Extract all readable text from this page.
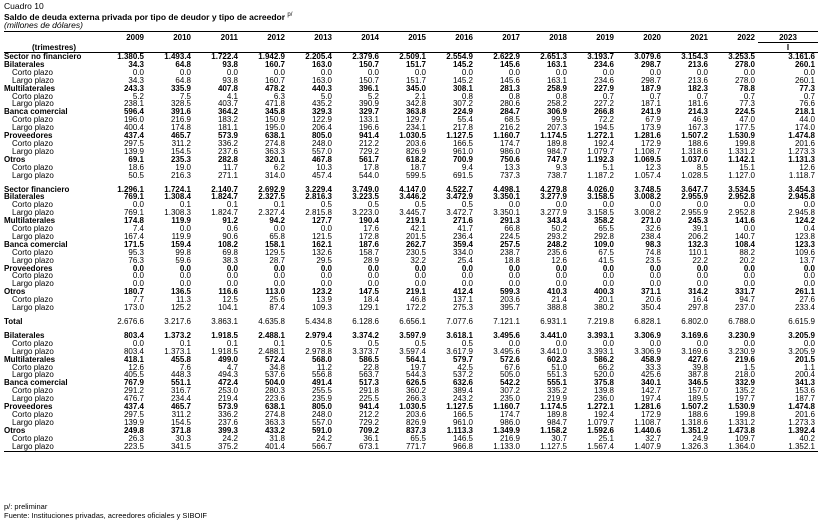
Cuadro 10
Saldo de deuda externa privada por tipo de deudor y tipo de acreedor $^{p/}$
(millones de dólares)
	2009	2010	2011	2012	2013	2014	2015	2016	2017	2018	2019	2020	2021	2022	2023
(trimestres)															I
Sector no financiero	1.380.5	1.493.4	1.722.4	1.942.9	2.205.4	2.379.6	2.509.1	2.554.9	2.622.9	2.651.3	3.193.7	3.079.6	3.154.3	3.253.5	3.161.6
Bilaterales	34.3	64.8	93.8	160.7	163.0	150.7	151.7	145.2	145.6	163.1	234.6	298.7	213.6	278.0	260.1
Corto plazo	0.0	0.0	0.0	0.0	0.0	0.0	0.0	0.0	0.0	0.0	0.0	0.0	0.0	0.0	0.0
Largo plazo	34.3	64.8	93.8	160.7	163.0	150.7	151.7	145.2	145.6	163.1	234.6	298.7	213.6	278.0	260.1
Multilaterales	243.3	335.9	407.8	478.2	440.3	396.1	345.0	308.1	281.3	258.9	227.9	187.9	182.3	78.8	77.3
Corto plazo	5.2	7.5	4.1	6.3	5.0	5.2	2.1	0.8	0.8	0.8	0.7	0.7	0.7	0.7	0.7
Largo plazo	238.1	328.5	403.7	471.8	435.2	390.9	342.8	307.2	280.6	258.2	227.2	187.1	181.6	77.3	76.6
Banca comercial	596.4	391.6	364.2	345.8	329.3	329.7	363.8	224.9	284.7	306.9	266.8	241.9	214.3	224.5	218.1
Corto plazo	196.0	216.9	183.2	150.9	122.9	133.1	129.7	55.4	68.5	99.5	72.2	67.9	46.9	47.0	44.0
Largo plazo	400.4	174.8	181.1	195.0	206.4	196.6	234.1	217.8	216.2	207.3	194.5	173.9	167.3	177.5	174.0
Proveedores	437.4	465.7	573.9	638.1	805.0	941.4	1.030.5	1.127.5	1.160.7	1.174.5	1.272.1	1.281.6	1.507.2	1.530.9	1.474.8
Corto plazo	297.5	311.2	336.2	274.8	248.0	212.2	203.6	166.5	174.7	189.8	192.4	172.9	188.6	199.8	201.6
Largo plazo	139.9	154.5	237.6	363.3	557.0	729.2	826.9	961.0	986.0	984.7	1.079.7	1.108.7	1.318.6	1.331.2	1.273.3
Otros	69.1	235.3	282.8	320.1	467.8	561.7	618.2	700.9	750.6	747.9	1.192.3	1.069.5	1.037.0	1.142.1	1.131.3
Corto plazo	18.6	19.0	11.7	6.2	10.3	17.8	18.7	9.4	13.3	9.3	5.1	12.3	8.5	15.1	12.6
Largo plazo	50.5	216.3	271.1	314.0	457.4	544.0	599.5	691.5	737.3	738.7	1.187.2	1.057.4	1.028.5	1.127.0	1.118.7

Sector financiero	1.296.1	1.724.1	2.140.7	2.692.9	3.229.4	3.749.0	4.147.0	4.522.7	4.498.1	4.279.8	4.026.0	3.748.5	3.647.7	3.534.5	3.454.3
Bilaterales	769.1	1.308.4	1.824.7	2.327.5	2.816.3	3.223.5	3.446.2	3.472.9	3.350.1	3.277.9	3.158.5	3.008.2	2.955.9	2.952.8	2.945.8
Corto plazo	0.0	0.1	0.1	0.1	0.5	0.5	0.5	0.5	0.0	0.0	0.0	0.0	0.0	0.0	0.0
Largo plazo	769.1	1.308.3	1.824.7	2.327.4	2.815.8	3.223.0	3.445.7	3.472.7	3.350.1	3.277.9	3.158.5	3.008.2	2.955.9	2.952.8	2.945.8
Multilaterales	174.8	119.9	91.2	94.2	127.7	190.4	219.1	271.6	291.3	343.4	358.2	271.0	245.3	141.6	124.2
Corto plazo	7.4	0.0	0.6	0.0	0.0	17.6	42.1	41.7	66.8	50.2	65.5	32.6	39.1	0.0	0.4
Largo plazo	167.4	119.9	90.6	65.8	121.5	172.8	201.5	236.4	224.5	293.2	292.8	238.4	206.2	140.7	123.8
Banca comercial	171.5	159.4	108.2	158.1	162.1	187.6	262.7	359.4	257.5	248.2	109.0	98.3	132.3	108.4	123.3
Corto plazo	95.3	99.8	69.8	129.5	132.6	158.7	230.5	334.0	238.7	235.6	67.5	74.8	110.1	88.2	109.6
Largo plazo	76.3	59.6	38.3	28.7	29.5	28.9	32.2	25.4	18.8	12.6	41.5	23.5	22.2	20.2	13.7
Proveedores	0.0	0.0	0.0	0.0	0.0	0.0	0.0	0.0	0.0	0.0	0.0	0.0	0.0	0.0	0.0
Corto plazo	0.0	0.0	0.0	0.0	0.0	0.0	0.0	0.0	0.0	0.0	0.0	0.0	0.0	0.0	0.0
Largo plazo	0.0	0.0	0.0	0.0	0.0	0.0	0.0	0.0	0.0	0.0	0.0	0.0	0.0	0.0	0.0
Otros	180.7	136.5	116.6	113.0	123.2	147.5	219.1	412.4	599.3	410.3	400.3	371.1	314.2	331.7	261.1
Corto plazo	7.7	11.3	12.5	25.6	13.9	18.4	46.8	137.1	203.6	21.4	20.1	20.6	16.4	94.7	27.6
Largo plazo	173.0	125.2	104.1	87.4	109.3	129.1	172.2	275.3	395.7	388.8	380.2	350.4	297.8	237.0	233.4

Total	2.676.6	3.217.6	3.863.1	4.635.8	5.434.8	6.128.6	6.656.1	7.077.6	7.121.1	6.931.1	7.219.8	6.828.1	6.802.0	6.788.0	6.615.9

Bilaterales	803.4	1.373.2	1.918.5	2.488.1	2.979.4	3.374.2	3.597.9	3.618.1	3.495.6	3.441.0	3.393.1	3.306.9	3.169.6	3.230.9	3.205.9
Corto plazo	0.0	0.1	0.1	0.1	0.5	0.5	0.5	0.5	0.0	0.0	0.0	0.0	0.0	0.0	0.0
Largo plazo	803.4	1.373.1	1.918.5	2.488.1	2.978.8	3.373.7	3.597.4	3.617.9	3.495.6	3.441.0	3.393.1	3.306.9	3.169.6	3.230.9	3.205.9
Multilaterales	418.1	455.8	499.0	572.4	568.0	586.5	564.1	579.7	572.6	602.3	586.2	458.9	427.6	219.6	201.5
Corto plazo	12.6	7.6	4.7	34.8	11.2	22.8	19.7	42.5	67.6	51.0	66.2	33.3	39.8	1.5	1.1
Largo plazo	405.5	448.3	494.3	537.6	556.8	563.7	544.3	537.2	505.0	551.3	520.0	425.6	387.8	218.0	200.4
Banca comercial	767.9	551.1	472.4	504.0	491.4	517.3	626.5	632.6	542.2	555.1	375.8	340.1	346.5	332.9	341.3
Corto plazo	291.2	316.7	253.0	280.3	255.5	291.8	360.2	389.4	307.2	335.2	139.8	142.7	157.0	135.2	153.6
Largo plazo	476.7	234.4	219.4	223.6	235.9	225.5	266.3	243.2	235.0	219.9	236.0	197.4	189.5	197.7	187.7
Proveedores	437.4	465.7	573.9	638.1	805.0	941.4	1.030.5	1.127.5	1.160.7	1.174.5	1.272.1	1.281.6	1.507.2	1.530.9	1.474.8
Corto plazo	297.5	311.2	336.2	274.8	248.0	212.2	203.6	166.5	174.7	189.8	192.4	172.9	188.6	199.8	201.6
Largo plazo	139.9	154.5	237.6	363.3	557.0	729.2	826.9	961.0	986.0	984.7	1.079.7	1.108.7	1.318.6	1.331.2	1.273.3
Otros	249.8	371.8	399.3	433.2	591.0	709.2	837.3	1.113.3	1.349.9	1.158.2	1.592.6	1.440.6	1.351.2	1.473.8	1.392.4
Corto plazo	26.3	30.3	24.2	31.8	24.2	36.1	65.5	146.5	216.9	30.7	25.1	32.7	24.9	109.7	40.2
Largo plazo	223.5	341.5	375.2	401.4	566.7	673.1	771.7	966.8	1.133.0	1.127.5	1.567.4	1.407.9	1.326.3	1.364.0	1.352.1
p/: preliminar
Fuente: Instituciones privadas, acreedores oficiales y SIBOIF
